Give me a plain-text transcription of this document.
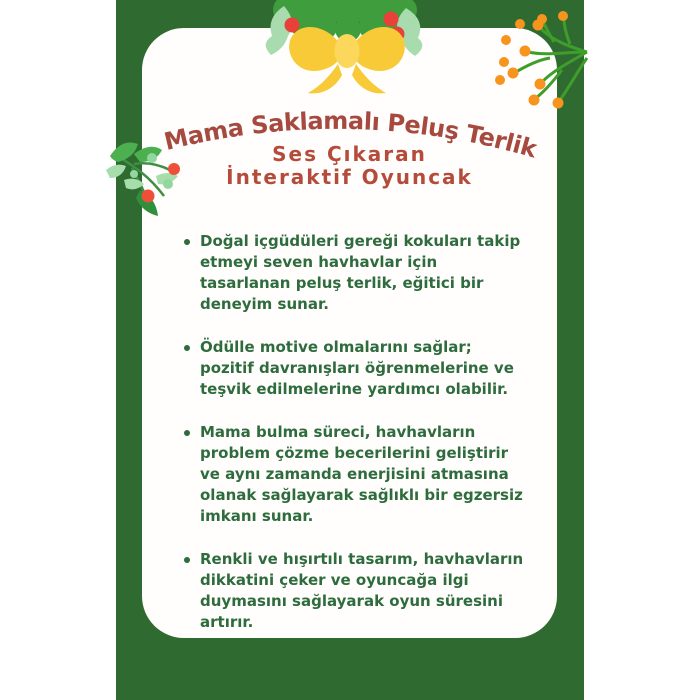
Mama Saklamalı Peluş Terlik
Ses Çıkaran
İnteraktif Oyuncak
Doğal içgüdüleri gereği kokuları takip etmeyi seven havhavlar için tasarlanan peluş terlik, eğitici bir deneyim sunar.
Ödülle motive olmalarını sağlar; pozitif davranışları öğrenmelerine ve teşvik edilmelerine yardımcı olabilir.
Mama bulma süreci, havhavların problem çözme becerilerini geliştirir ve aynı zamanda enerjisini atmasına olanak sağlayarak sağlıklı bir egzersiz imkanı sunar.
Renkli ve hışırtılı tasarım, havhavların dikkatini çeker ve oyuncağa ilgi duymasını sağlayarak oyun süresini artırır.
